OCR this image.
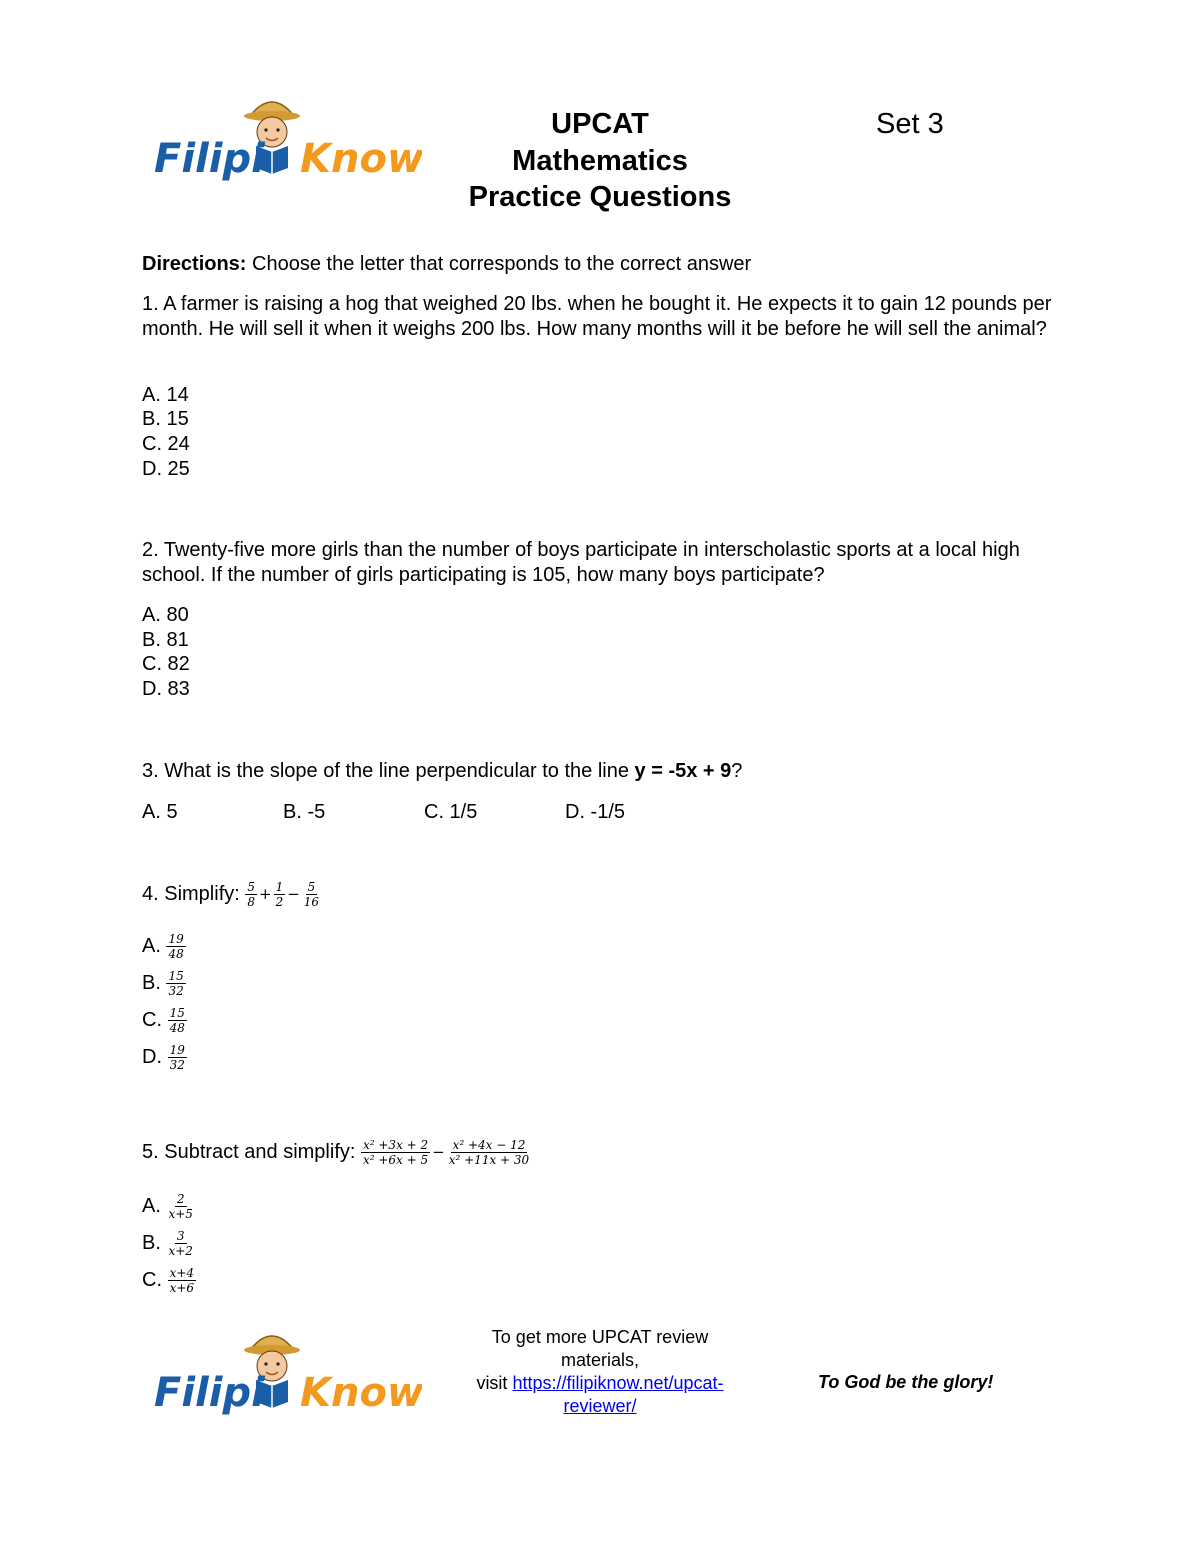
Filipi Know
UPCAT
Mathematics
Practice Questions
Set 3
Directions: Choose the letter that corresponds to the correct answer
1. A farmer is raising a hog that weighed 20 lbs. when he bought it. He expects it to gain 12 pounds per month. He will sell it when it weighs 200 lbs. How many months will it be before he will sell the animal?
A. 14
B. 15
C. 24
D. 25
2. Twenty-five more girls than the number of boys participate in interscholastic sports at a local high school. If the number of girls participating is 105, how many boys participate?
A. 80
B. 81
C. 82
D. 83
3. What is the slope of the line perpendicular to the line y = -5x + 9?
A. 5	B. -5	C. 1/5	D. -1/5
4. Simplify: $\frac{5}{8} + \frac{1}{2} - \frac{5}{16}$
A.
$\frac{19}{48}$
B.
$\frac{15}{32}$
C.
$\frac{15}{48}$
D.
$\frac{19}{32}$
5. Subtract and simplify: $\frac{\text{𝑥² +3𝑥 + 2}}{\text{𝑥² +6𝑥 + 5}} - \frac{\text{𝑥² +4𝑥 − 12}}{\text{𝑥² +11𝑥 + 30}}$
A.
$\frac{2}{\text{𝑥+5}}$
B.
$\frac{3}{\text{𝑥+2}}$
C.
$\frac{\text{𝑥+4}}{\text{𝑥+6}}$
Filipi Know
To get more UPCAT review
materials,
visit https://filipiknow.net/upcat-
reviewer/
To God be the glory!
